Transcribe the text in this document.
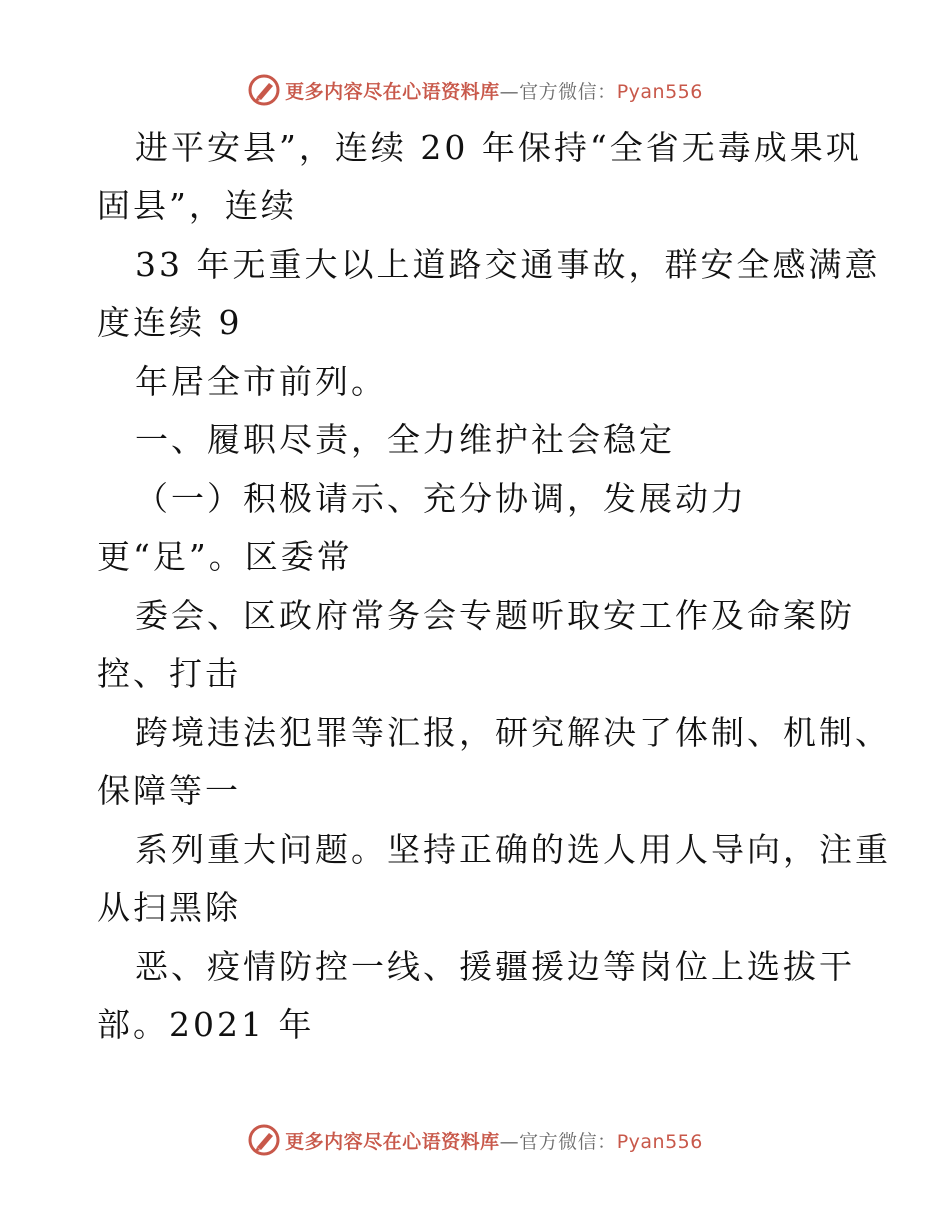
更多内容尽在心语资料库—官方微信：Pyan556
进平安县”，连续 20 年保持“全省无毒成果巩
固县”，连续
33 年无重大以上道路交通事故，群安全感满意
度连续 9
年居全市前列。
一、履职尽责，全力维护社会稳定
（一）积极请示、充分协调，发展动力
更“足”。区委常
委会、区政府常务会专题听取安工作及命案防
控、打击
跨境违法犯罪等汇报，研究解决了体制、机制、
保障等一
系列重大问题。坚持正确的选人用人导向，注重
从扫黑除
恶、疫情防控一线、援疆援边等岗位上选拔干
部。2021 年
更多内容尽在心语资料库—官方微信：Pyan556
